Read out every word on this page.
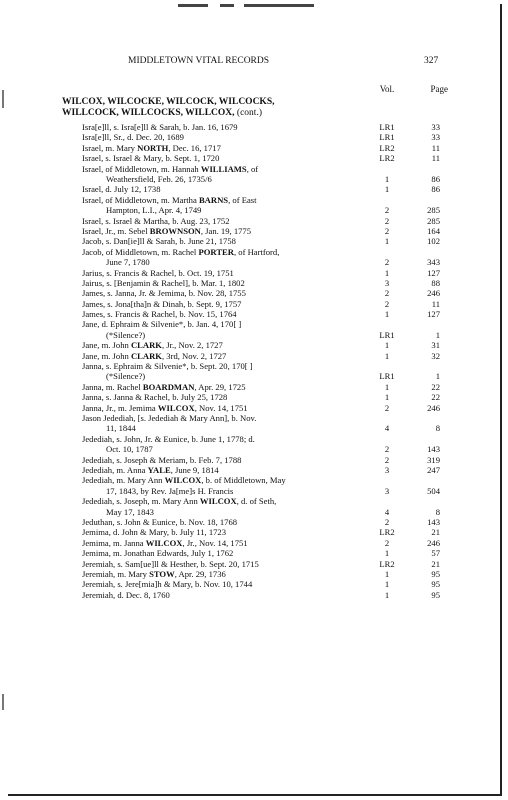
MIDDLETOWN VITAL RECORDS	327
Vol.	Page
WILCOX, WILCOCKE, WILCOCK, WILCOCKS,
WILLCOCK, WILLCOCKS, WILLCOX, (cont.)
Isra[e]ll, s. Isra[e]ll & Sarah, b. Jan. 16, 1679	LR1	33
Isra[e]ll, Sr., d. Dec. 20, 1689	LR1	33
Israel, m. Mary NORTH, Dec. 16, 1717	LR2	11
Israel, s. Israel & Mary, b. Sept. 1, 1720	LR2	11
Israel, of Middletown, m. Hannah WILLIAMS, of
Weathersfield, Feb. 26, 1735/6	1	86
Israel, d. July 12, 1738	1	86
Israel, of Middletown, m. Martha BARNS, of East
Hampton, L.I., Apr. 4, 1749	2	285
Israel, s. Israel & Martha, b. Aug. 23, 1752	2	285
Israel, Jr., m. Sebel BROWNSON, Jan. 19, 1775	2	164
Jacob, s. Dan[ie]ll & Sarah, b. June 21, 1758	1	102
Jacob, of Middletown, m. Rachel PORTER, of Hartford,
June 7, 1780	2	343
Jarius, s. Francis & Rachel, b. Oct. 19, 1751	1	127
Jairus, s. [Benjamin & Rachel], b. Mar. 1, 1802	3	88
James, s. Janna, Jr. & Jemima, b. Nov. 28, 1755	2	246
James, s. Jona[tha]n & Dinah, b. Sept. 9, 1757	2	11
James, s. Francis & Rachel, b. Nov. 15, 1764	1	127
Jane, d. Ephraim & Silvenie*, b. Jan. 4, 170[ ]
(*Silence?)	LR1	1
Jane, m. John CLARK, Jr., Nov. 2, 1727	1	31
Jane, m. John CLARK, 3rd, Nov. 2, 1727	1	32
Janna, s. Ephraim & Silvenie*, b. Sept. 20, 170[ ]
(*Silence?)	LR1	1
Janna, m. Rachel BOARDMAN, Apr. 29, 1725	1	22
Janna, s. Janna & Rachel, b. July 25, 1728	1	22
Janna, Jr., m. Jemima WILCOX, Nov. 14, 1751	2	246
Jason Jedediah, [s. Jedediah & Mary Ann], b. Nov.
11, 1844	4	8
Jedediah, s. John, Jr. & Eunice, b. June 1, 1778; d.
Oct. 10, 1787	2	143
Jedediah, s. Joseph & Meriam, b. Feb. 7, 1788	2	319
Jedediah, m. Anna YALE, June 9, 1814	3	247
Jedediah, m. Mary Ann WILCOX, b. of Middletown, May
17, 1843, by Rev. Ja[me]s H. Francis	3	504
Jedediah, s. Joseph, m. Mary Ann WILCOX, d. of Seth,
May 17, 1843	4	8
Jeduthan, s. John & Eunice, b. Nov. 18, 1768	2	143
Jemima, d. John & Mary, b. July 11, 1723	LR2	21
Jemima, m. Janna WILCOX, Jr., Nov. 14, 1751	2	246
Jemima, m. Jonathan Edwards, July 1, 1762	1	57
Jeremiah, s. Sam[ue]ll & Hesther, b. Sept. 20, 1715	LR2	21
Jeremiah, m. Mary STOW, Apr. 29, 1736	1	95
Jeremiah, s. Jere[mia]h & Mary, b. Nov. 10, 1744	1	95
Jeremiah, d. Dec. 8, 1760	1	95
